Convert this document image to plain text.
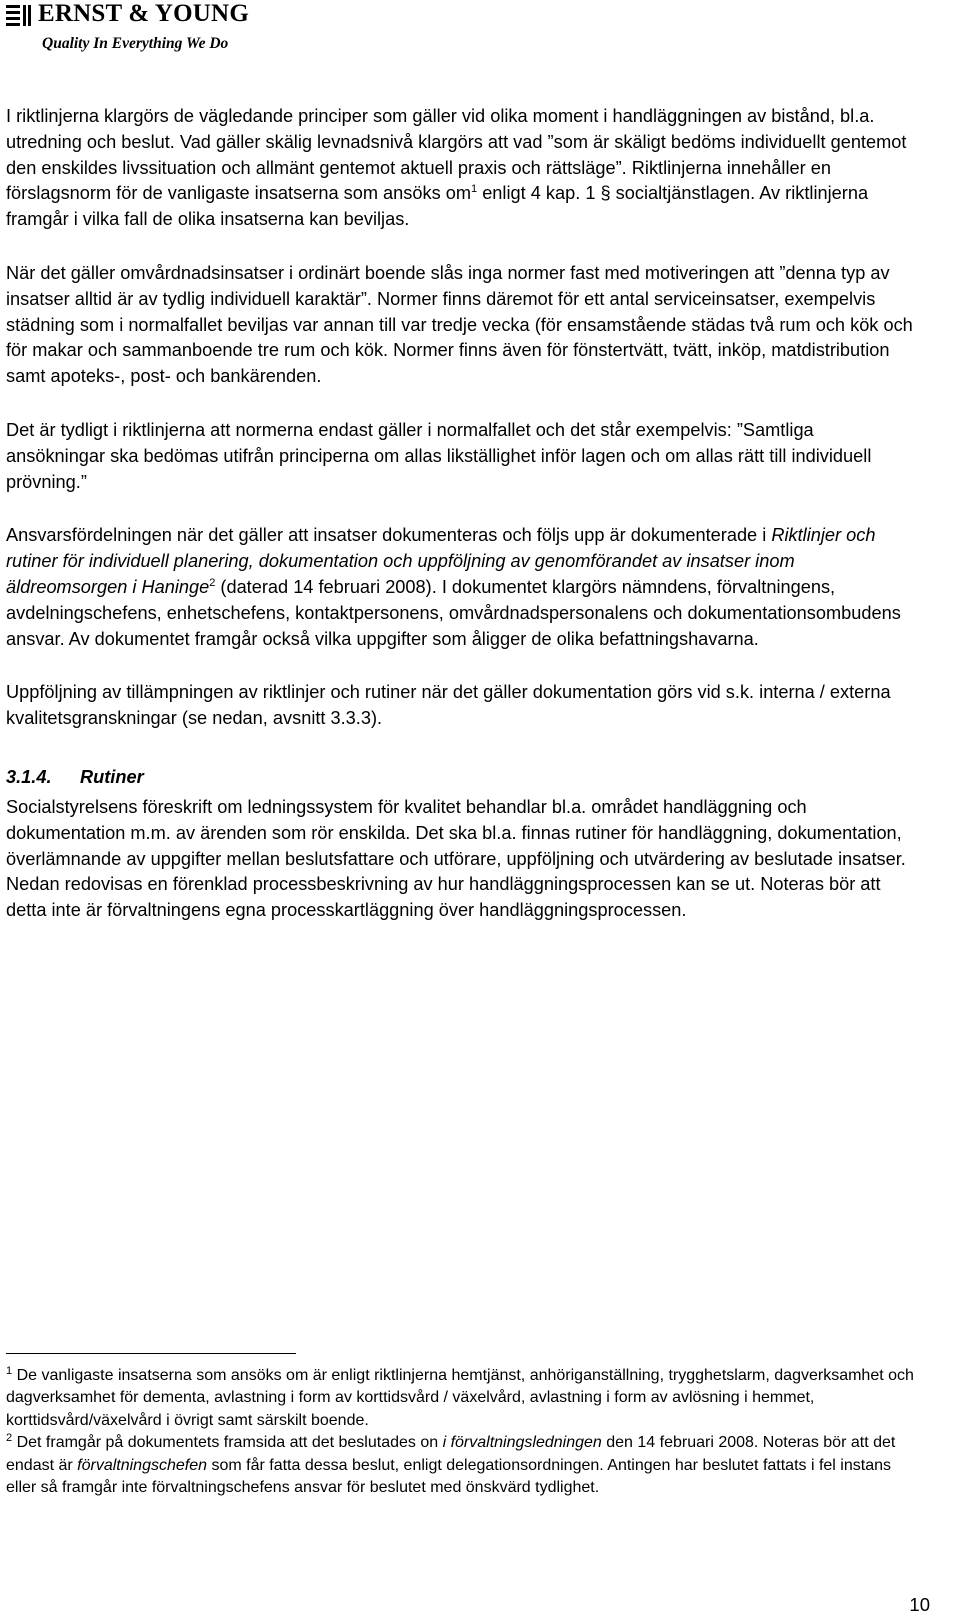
ERNST & YOUNG
Quality In Everything We Do

I riktlinjerna klargörs de vägledande principer som gäller vid olika moment i handläggningen av bistånd, bl.a. utredning och beslut. Vad gäller skälig levnadsnivå klargörs att vad ”som är skäligt bedöms individuellt gentemot den enskildes livssituation och allmänt gentemot aktuell praxis och rättsläge”. Riktlinjerna innehåller en förslagsnorm för de vanligaste insatserna som ansöks $om^1$ enligt 4 kap. 1 § socialtjänstlagen. Av riktlinjerna framgår i vilka fall de olika insatserna kan beviljas.

När det gäller omvårdnadsinsatser i ordinärt boende slås inga normer fast med motiveringen att ”denna typ av insatser alltid är av tydlig individuell karaktär”. Normer finns däremot för ett antal serviceinsatser, exempelvis städning som i normalfallet beviljas var annan till var tredje vecka (för ensamstående städas två rum och kök och för makar och sammanboende tre rum och kök. Normer finns även för fönstertvätt, tvätt, inköp, matdistribution samt apoteks-, post- och bankärenden.

Det är tydligt i riktlinjerna att normerna endast gäller i normalfallet och det står exempelvis: ”Samtliga ansökningar ska bedömas utifrån principerna om allas likställighet inför lagen och om allas rätt till individuell prövning.”

Ansvarsfördelningen när det gäller att insatser dokumenteras och följs upp är dokumenterade i Riktlinjer och rutiner för individuell planering, dokumentation och uppföljning av genomförandet av insatser inom äldreomsorgen i Haninge$^2$ (daterad 14 februari 2008). I dokumentet klargörs nämndens, förvaltningens, avdelningschefens, enhetschefens, kontaktpersonens, omvårdnadspersonalens och dokumentationsombudens ansvar. Av dokumentet framgår också vilka uppgifter som åligger de olika befattningshavarna.

Uppföljning av tillämpningen av riktlinjer och rutiner när det gäller dokumentation görs vid s.k. interna / externa kvalitetsgranskningar (se nedan, avsnitt 3.3.3).

3.1.4. Rutiner

Socialstyrelsens föreskrift om ledningssystem för kvalitet behandlar bl.a. området handläggning och dokumentation m.m. av ärenden som rör enskilda. Det ska bl.a. finnas rutiner för handläggning, dokumentation, överlämnande av uppgifter mellan beslutsfattare och utförare, uppföljning och utvärdering av beslutade insatser. Nedan redovisas en förenklad processbeskrivning av hur handläggningsprocessen kan se ut. Noteras bör att detta inte är förvaltningens egna processkartläggning över handläggningsprocessen.

$^1$ De vanligaste insatserna som ansöks om är enligt riktlinjerna hemtjänst, anhöriganställning, trygghetslarm, dagverksamhet och dagverksamhet för dementa, avlastning i form av korttidsvård / växelvård, avlastning i form av avlösning i hemmet, korttidsvård/växelvård i övrigt samt särskilt boende.

$^2$ Det framgår på dokumentets framsida att det beslutades on i förvaltningsledningen den 14 februari 2008. Noteras bör att det endast är förvaltningschefen som får fatta dessa beslut, enligt delegationsordningen. Antingen har beslutet fattats i fel instans eller så framgår inte förvaltningschefens ansvar för beslutet med önskvärd tydlighet.

10
